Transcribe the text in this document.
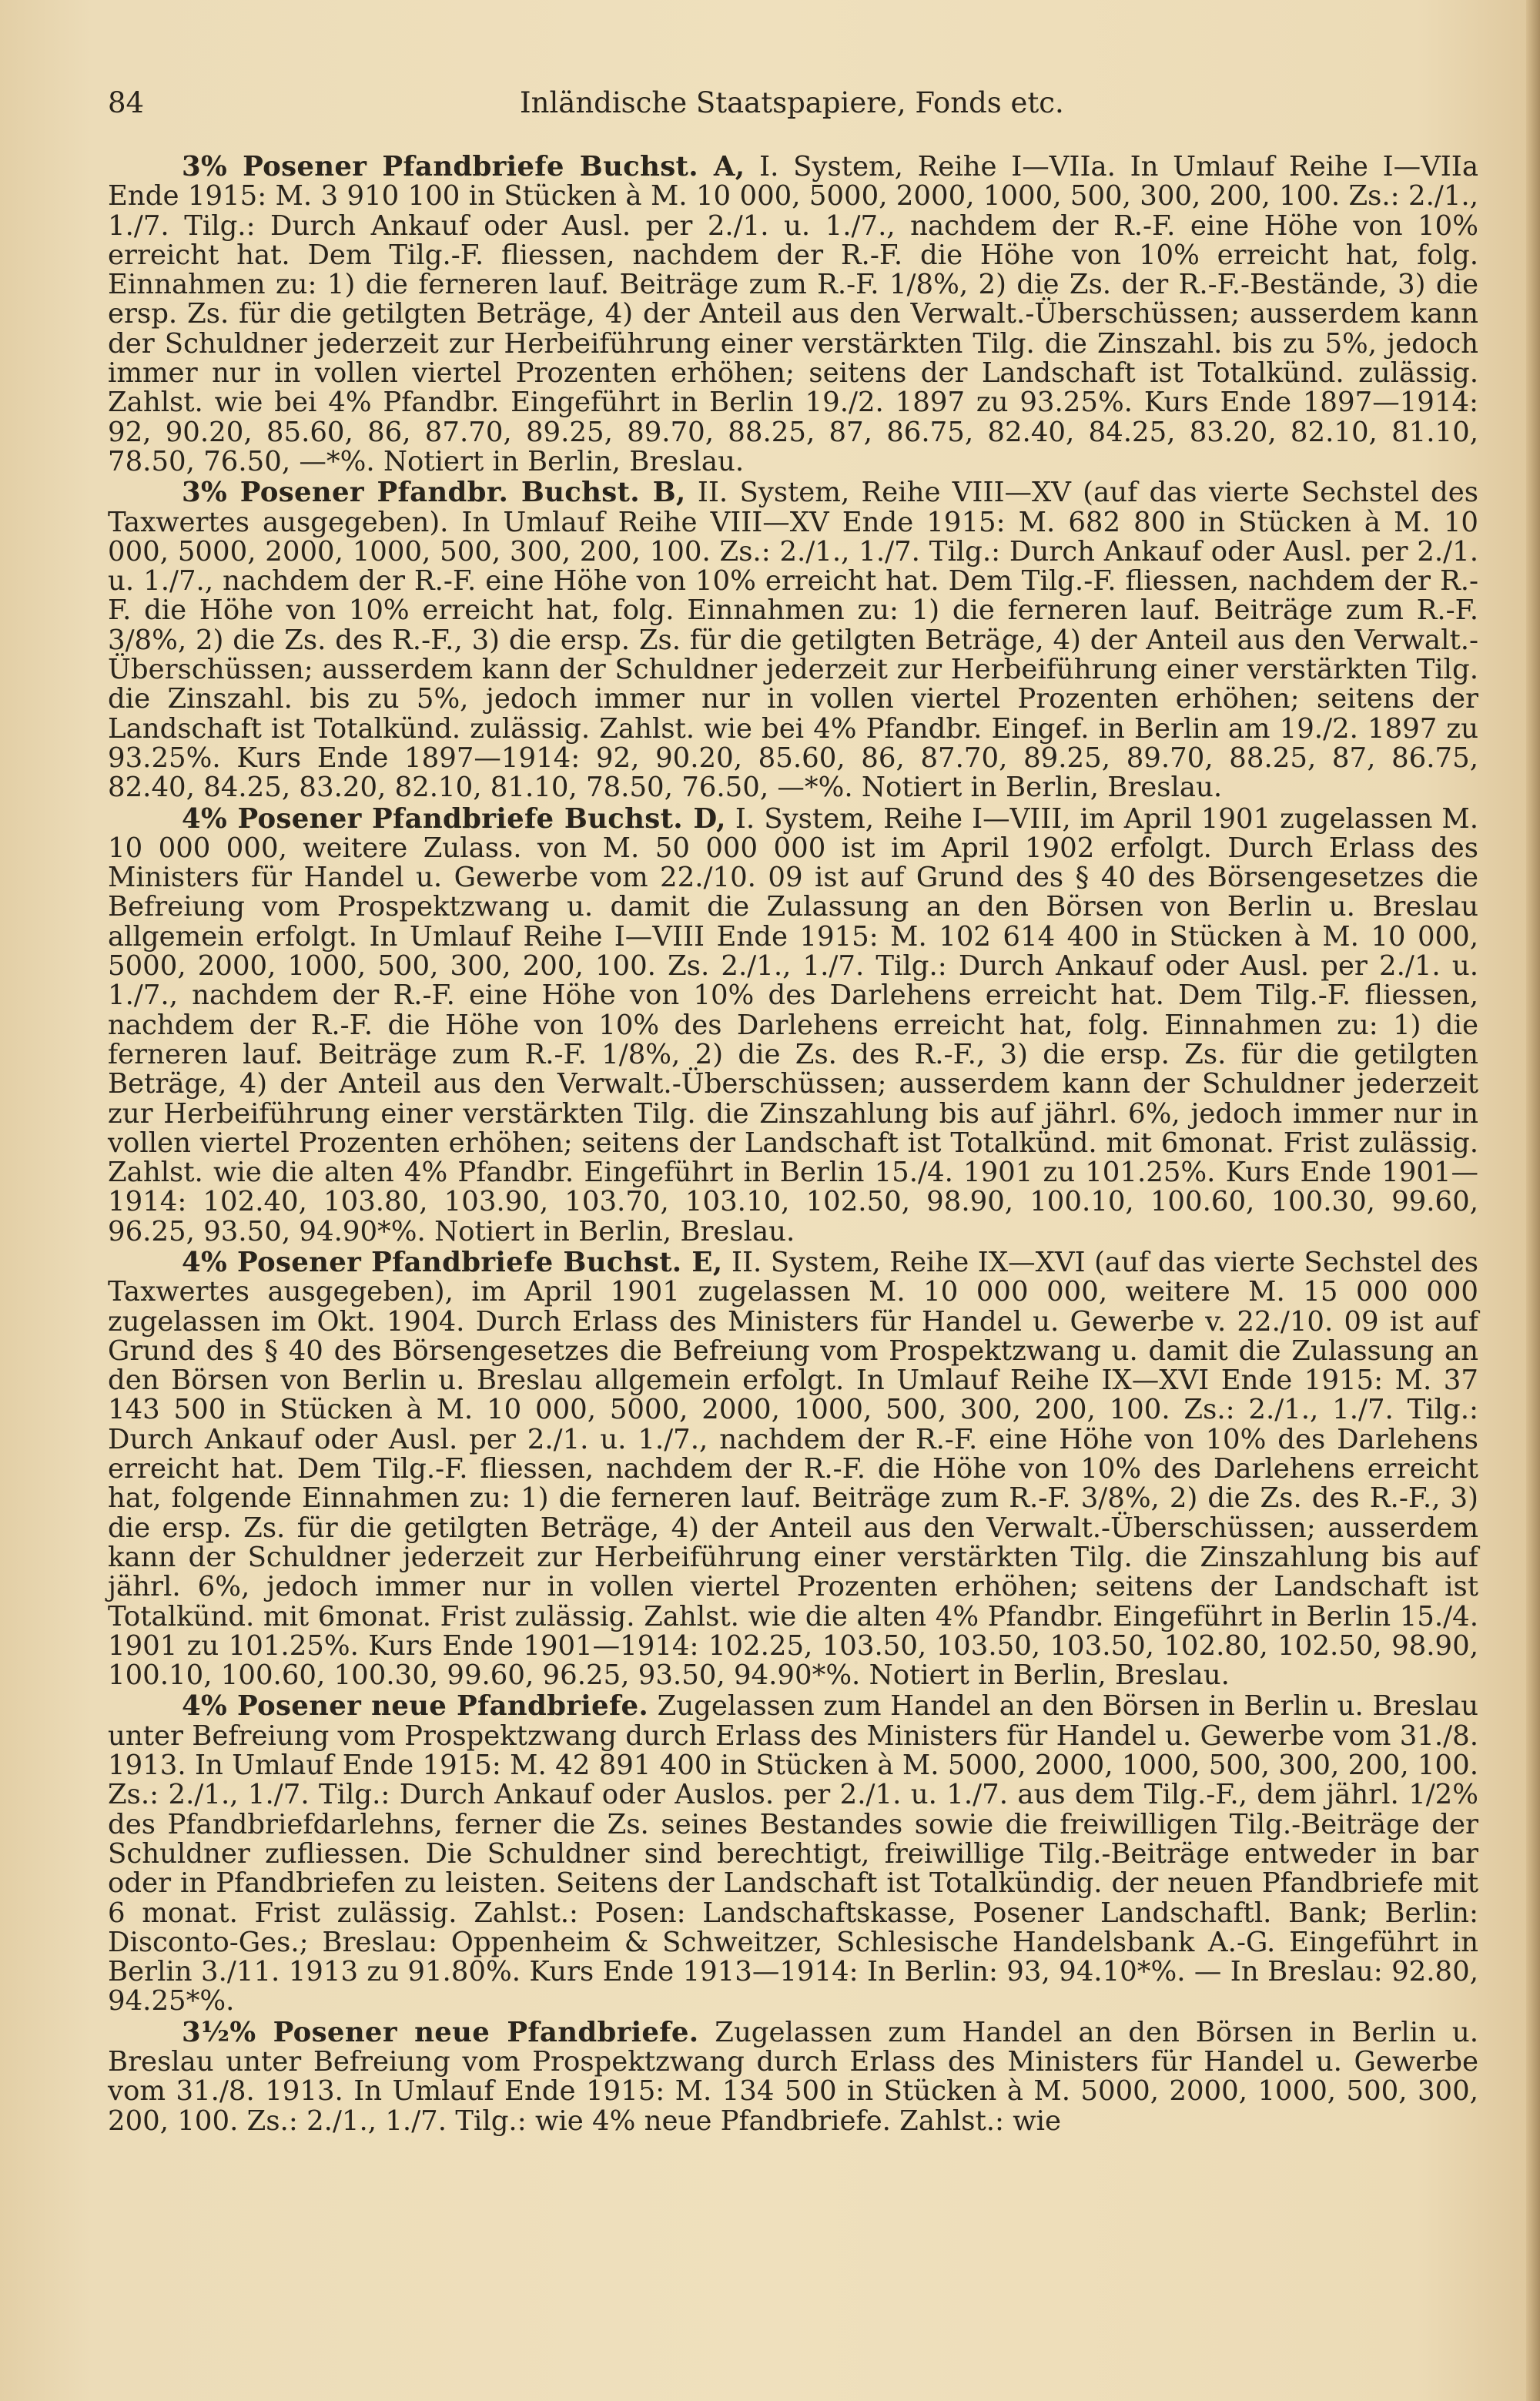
84	Inländische Staatspapiere, Fonds etc.

3% Posener Pfandbriefe Buchst. A, I. System, Reihe I—VIIa. In Umlauf Reihe I—VIIa Ende 1915: M. 3 910 100 in Stücken à M. 10 000, 5000, 2000, 1000, 500, 300, 200, 100. Zs.: 2./1., 1./7. Tilg.: Durch Ankauf oder Ausl. per 2./1. u. 1./7., nachdem der R.-F. eine Höhe von 10% erreicht hat. Dem Tilg.-F. fliessen, nachdem der R.-F. die Höhe von 10% erreicht hat, folg. Einnahmen zu: 1) die ferneren lauf. Beiträge zum R.-F. 1/8%, 2) die Zs. der R.-F.-Bestände, 3) die ersp. Zs. für die getilgten Beträge, 4) der Anteil aus den Verwalt.-Überschüssen; ausserdem kann der Schuldner jederzeit zur Herbeiführung einer verstärkten Tilg. die Zinszahl. bis zu 5%, jedoch immer nur in vollen viertel Prozenten erhöhen; seitens der Landschaft ist Totalkünd. zulässig. Zahlst. wie bei 4% Pfandbr. Eingeführt in Berlin 19./2. 1897 zu 93.25%. Kurs Ende 1897—1914: 92, 90.20, 85.60, 86, 87.70, 89.25, 89.70, 88.25, 87, 86.75, 82.40, 84.25, 83.20, 82.10, 81.10, 78.50, 76.50, —*%. Notiert in Berlin, Breslau.

3% Posener Pfandbr. Buchst. B, II. System, Reihe VIII—XV (auf das vierte Sechstel des Taxwertes ausgegeben). In Umlauf Reihe VIII—XV Ende 1915: M. 682 800 in Stücken à M. 10 000, 5000, 2000, 1000, 500, 300, 200, 100. Zs.: 2./1., 1./7. Tilg.: Durch Ankauf oder Ausl. per 2./1. u. 1./7., nachdem der R.-F. eine Höhe von 10% erreicht hat. Dem Tilg.-F. fliessen, nachdem der R.-F. die Höhe von 10% erreicht hat, folg. Einnahmen zu: 1) die ferneren lauf. Beiträge zum R.-F. 3/8%, 2) die Zs. des R.-F., 3) die ersp. Zs. für die getilgten Beträge, 4) der Anteil aus den Verwalt.-Überschüssen; ausserdem kann der Schuldner jederzeit zur Herbeiführung einer verstärkten Tilg. die Zinszahl. bis zu 5%, jedoch immer nur in vollen viertel Prozenten erhöhen; seitens der Landschaft ist Totalkünd. zulässig. Zahlst. wie bei 4% Pfandbr. Eingef. in Berlin am 19./2. 1897 zu 93.25%. Kurs Ende 1897—1914: 92, 90.20, 85.60, 86, 87.70, 89.25, 89.70, 88.25, 87, 86.75, 82.40, 84.25, 83.20, 82.10, 81.10, 78.50, 76.50, —*%. Notiert in Berlin, Breslau.

4% Posener Pfandbriefe Buchst. D, I. System, Reihe I—VIII, im April 1901 zugelassen M. 10 000 000, weitere Zulass. von M. 50 000 000 ist im April 1902 erfolgt. Durch Erlass des Ministers für Handel u. Gewerbe vom 22./10. 09 ist auf Grund des § 40 des Börsengesetzes die Befreiung vom Prospektzwang u. damit die Zulassung an den Börsen von Berlin u. Breslau allgemein erfolgt. In Umlauf Reihe I—VIII Ende 1915: M. 102 614 400 in Stücken à M. 10 000, 5000, 2000, 1000, 500, 300, 200, 100. Zs. 2./1., 1./7. Tilg.: Durch Ankauf oder Ausl. per 2./1. u. 1./7., nachdem der R.-F. eine Höhe von 10% des Darlehens erreicht hat. Dem Tilg.-F. fliessen, nachdem der R.-F. die Höhe von 10% des Darlehens erreicht hat, folg. Einnahmen zu: 1) die ferneren lauf. Beiträge zum R.-F. 1/8%, 2) die Zs. des R.-F., 3) die ersp. Zs. für die getilgten Beträge, 4) der Anteil aus den Verwalt.-Überschüssen; ausserdem kann der Schuldner jederzeit zur Herbeiführung einer verstärkten Tilg. die Zinszahlung bis auf jährl. 6%, jedoch immer nur in vollen viertel Prozenten erhöhen; seitens der Landschaft ist Totalkünd. mit 6monat. Frist zulässig. Zahlst. wie die alten 4% Pfandbr. Eingeführt in Berlin 15./4. 1901 zu 101.25%. Kurs Ende 1901—1914: 102.40, 103.80, 103.90, 103.70, 103.10, 102.50, 98.90, 100.10, 100.60, 100.30, 99.60, 96.25, 93.50, 94.90*%. Notiert in Berlin, Breslau.

4% Posener Pfandbriefe Buchst. E, II. System, Reihe IX—XVI (auf das vierte Sechstel des Taxwertes ausgegeben), im April 1901 zugelassen M. 10 000 000, weitere M. 15 000 000 zugelassen im Okt. 1904. Durch Erlass des Ministers für Handel u. Gewerbe v. 22./10. 09 ist auf Grund des § 40 des Börsengesetzes die Befreiung vom Prospektzwang u. damit die Zulassung an den Börsen von Berlin u. Breslau allgemein erfolgt. In Umlauf Reihe IX—XVI Ende 1915: M. 37 143 500 in Stücken à M. 10 000, 5000, 2000, 1000, 500, 300, 200, 100. Zs.: 2./1., 1./7. Tilg.: Durch Ankauf oder Ausl. per 2./1. u. 1./7., nachdem der R.-F. eine Höhe von 10% des Darlehens erreicht hat. Dem Tilg.-F. fliessen, nachdem der R.-F. die Höhe von 10% des Darlehens erreicht hat, folgende Einnahmen zu: 1) die ferneren lauf. Beiträge zum R.-F. 3/8%, 2) die Zs. des R.-F., 3) die ersp. Zs. für die getilgten Beträge, 4) der Anteil aus den Verwalt.-Überschüssen; ausserdem kann der Schuldner jederzeit zur Herbeiführung einer verstärkten Tilg. die Zinszahlung bis auf jährl. 6%, jedoch immer nur in vollen viertel Prozenten erhöhen; seitens der Landschaft ist Totalkünd. mit 6monat. Frist zulässig. Zahlst. wie die alten 4% Pfandbr. Eingeführt in Berlin 15./4. 1901 zu 101.25%. Kurs Ende 1901—1914: 102.25, 103.50, 103.50, 103.50, 102.80, 102.50, 98.90, 100.10, 100.60, 100.30, 99.60, 96.25, 93.50, 94.90*%. Notiert in Berlin, Breslau.

4% Posener neue Pfandbriefe. Zugelassen zum Handel an den Börsen in Berlin u. Breslau unter Befreiung vom Prospektzwang durch Erlass des Ministers für Handel u. Gewerbe vom 31./8. 1913. In Umlauf Ende 1915: M. 42 891 400 in Stücken à M. 5000, 2000, 1000, 500, 300, 200, 100. Zs.: 2./1., 1./7. Tilg.: Durch Ankauf oder Auslos. per 2./1. u. 1./7. aus dem Tilg.-F., dem jährl. 1/2% des Pfandbriefdarlehns, ferner die Zs. seines Bestandes sowie die freiwilligen Tilg.-Beiträge der Schuldner zufliessen. Die Schuldner sind berechtigt, freiwillige Tilg.-Beiträge entweder in bar oder in Pfandbriefen zu leisten. Seitens der Landschaft ist Totalkündig. der neuen Pfandbriefe mit 6 monat. Frist zulässig. Zahlst.: Posen: Landschaftskasse, Posener Landschaftl. Bank; Berlin: Disconto-Ges.; Breslau: Oppenheim & Schweitzer, Schlesische Handelsbank A.-G. Eingeführt in Berlin 3./11. 1913 zu 91.80%. Kurs Ende 1913—1914: In Berlin: 93, 94.10*%. — In Breslau: 92.80, 94.25*%.

3½% Posener neue Pfandbriefe. Zugelassen zum Handel an den Börsen in Berlin u. Breslau unter Befreiung vom Prospektzwang durch Erlass des Ministers für Handel u. Gewerbe vom 31./8. 1913. In Umlauf Ende 1915: M. 134 500 in Stücken à M. 5000, 2000, 1000, 500, 300, 200, 100. Zs.: 2./1., 1./7. Tilg.: wie 4% neue Pfandbriefe. Zahlst.: wie
